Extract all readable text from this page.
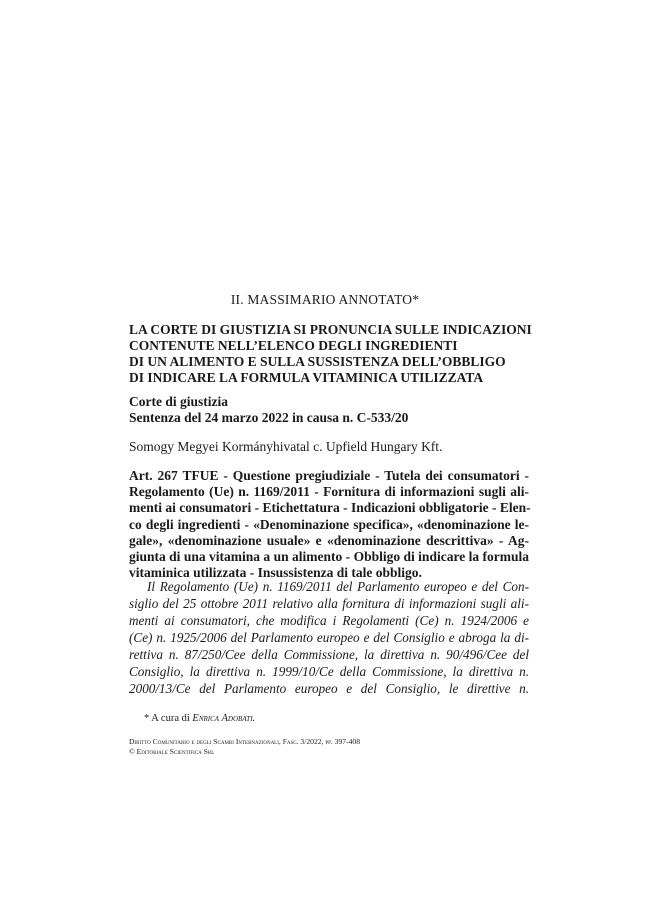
II. MASSIMARIO ANNOTATO*
LA CORTE DI GIUSTIZIA SI PRONUNCIA SULLE INDICAZIONI
CONTENUTE NELL’ELENCO DEGLI INGREDIENTI
DI UN ALIMENTO E SULLA SUSSISTENZA DELL’OBBLIGO
DI INDICARE LA FORMULA VITAMINICA UTILIZZATA
Corte di giustizia
Sentenza del 24 marzo 2022 in causa n. C-533/20
Somogy Megyei Kormányhivatal c. Upfield Hungary Kft.
Art. 267 TFUE - Questione pregiudiziale - Tutela dei consumatori -
Regolamento (Ue) n. 1169/2011 - Fornitura di informazioni sugli ali-
menti ai consumatori - Etichettatura - Indicazioni obbligatorie - Elen-
co degli ingredienti - «Denominazione specifica», «denominazione le-
gale», «denominazione usuale» e «denominazione descrittiva» - Ag-
giunta di una vitamina a un alimento - Obbligo di indicare la formula
vitaminica utilizzata - Insussistenza di tale obbligo.
Il Regolamento (Ue) n. 1169/2011 del Parlamento europeo e del Con-
siglio del 25 ottobre 2011 relativo alla fornitura di informazioni sugli ali-
menti ai consumatori, che modifica i Regolamenti (Ce) n. 1924/2006 e
(Ce) n. 1925/2006 del Parlamento europeo e del Consiglio e abroga la di-
rettiva n. 87/250/Cee della Commissione, la direttiva n. 90/496/Cee del
Consiglio, la direttiva n. 1999/10/Ce della Commissione, la direttiva n.
2000/13/Ce del Parlamento europeo e del Consiglio, le direttive n.
* A cura di Enrica Adobati.
Diritto Comunitario e degli Scambi Internazionali, Fasc. 3/2022, pp. 397-408
© Editoriale Scientifica Srl
